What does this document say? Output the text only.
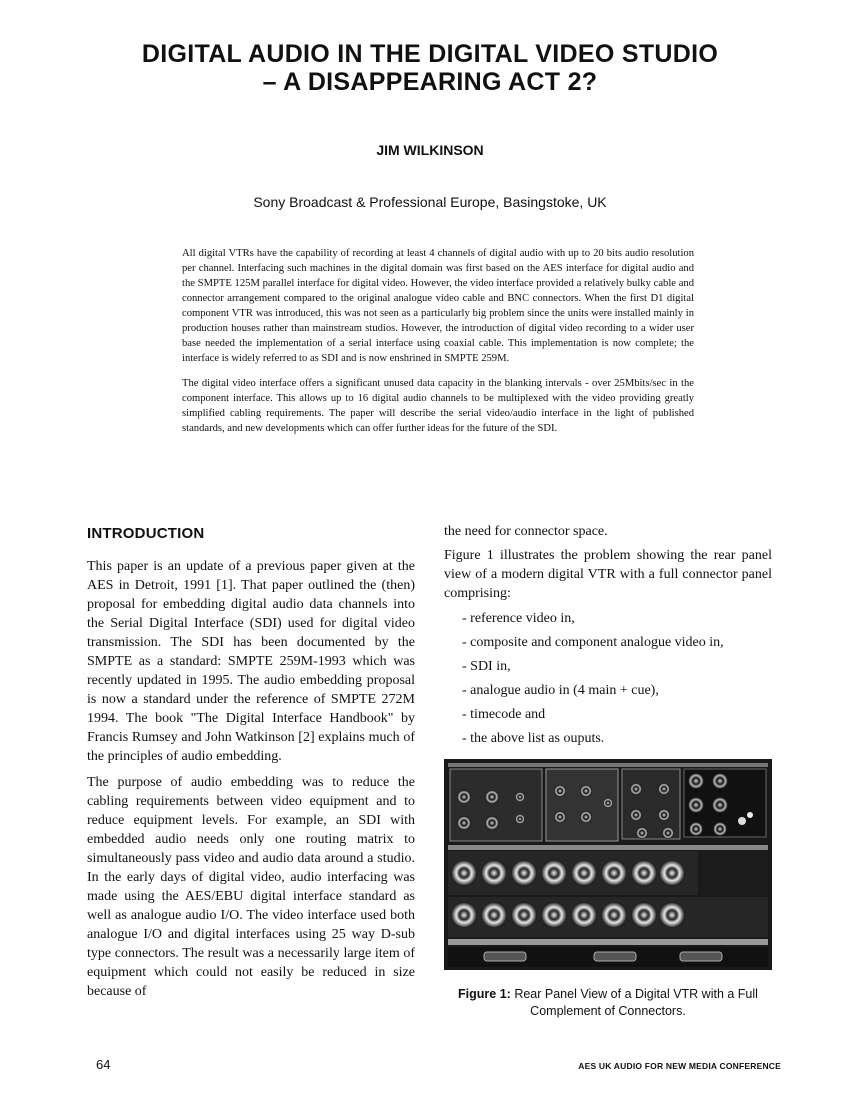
DIGITAL AUDIO IN THE DIGITAL VIDEO STUDIO
– A DISAPPEARING ACT 2?
JIM WILKINSON
Sony Broadcast & Professional Europe, Basingstoke, UK

All digital VTRs have the capability of recording at least 4 channels of digital audio with up to 20 bits audio resolution per channel. Interfacing such machines in the digital domain was first based on the AES interface for digital audio and the SMPTE 125M parallel interface for digital video. However, the video interface provided a relatively bulky cable and connector arrangement compared to the original analogue video cable and BNC connectors. When the first D1 digital component VTR was introduced, this was not seen as a particularly big problem since the units were installed mainly in production houses rather than mainstream studios. However, the introduction of digital video recording to a wider user base needed the implementation of a serial interface using coaxial cable. This implementation is now complete; the interface is widely referred to as SDI and is now enshrined in SMPTE 259M.

The digital video interface offers a significant unused data capacity in the blanking intervals - over 25Mbits/sec in the component interface. This allows up to 16 digital audio channels to be multiplexed with the video providing greatly simplified cabling requirements. The paper will describe the serial video/audio interface in the light of published standards, and new developments which can offer further ideas for the future of the SDI.

INTRODUCTION

This paper is an update of a previous paper given at the AES in Detroit, 1991 [1]. That paper outlined the (then) proposal for embedding digital audio data channels into the Serial Digital Interface (SDI) used for digital video transmission. The SDI has been documented by the SMPTE as a standard: SMPTE 259M-1993 which was recently updated in 1995. The audio embedding proposal is now a standard under the reference of SMPTE 272M 1994. The book "The Digital Interface Handbook" by Francis Rumsey and John Watkinson [2] explains much of the principles of audio embedding.

The purpose of audio embedding was to reduce the cabling requirements between video equipment and to reduce equipment levels. For example, an SDI with embedded audio needs only one routing matrix to simultaneously pass video and audio data around a studio. In the early days of digital video, audio interfacing was made using the AES/EBU digital interface standard as well as analogue audio I/O. The video interface used both analogue I/O and digital interfaces using 25 way D-sub type connectors. The result was a necessarily large item of equipment which could not easily be reduced in size because of

the need for connector space.

Figure 1 illustrates the problem showing the rear panel view of a modern digital VTR with a full connector panel comprising:

- reference video in,
- composite and component analogue video in,
- SDI in,
- analogue audio in (4 main + cue),
- timecode and
- the above list as ouputs.
Figure 1: Rear Panel View of a Digital VTR with a Full Complement of Connectors.
64	AES UK AUDIO FOR NEW MEDIA CONFERENCE
